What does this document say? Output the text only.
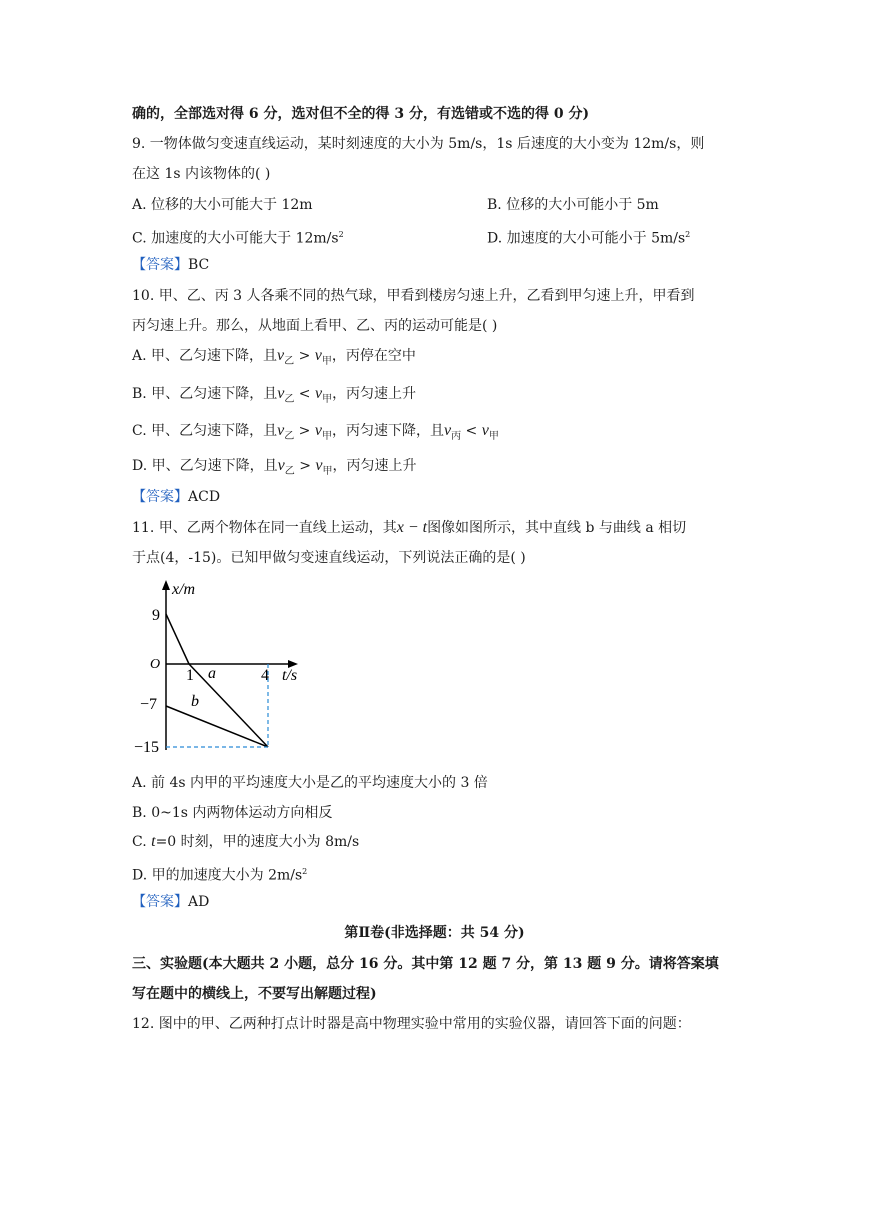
确的，全部选对得 6 分，选对但不全的得 3 分，有选错或不选的得 0 分)
9. 一物体做匀变速直线运动，某时刻速度的大小为 5m/s，1s 后速度的大小变为 12m/s，则
在这 1s 内该物体的( )
A. 位移的大小可能大于 12m	B. 位移的大小可能小于 5m
C. 加速度的大小可能大于 $12m/s^2$	D. 加速度的大小可能小于 $5m/s^2$
【答案】BC
10. 甲、乙、丙 3 人各乘不同的热气球，甲看到楼房匀速上升，乙看到甲匀速上升，甲看到
丙匀速上升。那么，从地面上看甲、乙、丙的运动可能是( )
A. 甲、乙匀速下降，且$v_乙 > v_甲$，丙停在空中
B. 甲、乙匀速下降，且$v_乙 < v_甲$，丙匀速上升
C. 甲、乙匀速下降，且$v_乙 > v_甲$，丙匀速下降，且$v_丙 < v_甲$
D. 甲、乙匀速下降，且$v_乙 > v_甲$，丙匀速上升
【答案】ACD
11. 甲、乙两个物体在同一直线上运动，其x − t图像如图所示，其中直线 b 与曲线 a 相切
于点(4，-15)。已知甲做匀变速直线运动，下列说法正确的是( )
x/m
t/s
O
9
−7
−15
1	4
a
b
A. 前 4s 内甲的平均速度大小是乙的平均速度大小的 3 倍
B. 0~1s 内两物体运动方向相反
C. t=0 时刻，甲的速度大小为 8m/s
D. 甲的加速度大小为 $2m/s^2$
【答案】AD
第Ⅱ卷(非选择题：共 54 分)
三、实验题(本大题共 2 小题，总分 16 分。其中第 12 题 7 分，第 13 题 9 分。请将答案填
写在题中的横线上，不要写出解题过程)
12. 图中的甲、乙两种打点计时器是高中物理实验中常用的实验仪器，请回答下面的问题：
